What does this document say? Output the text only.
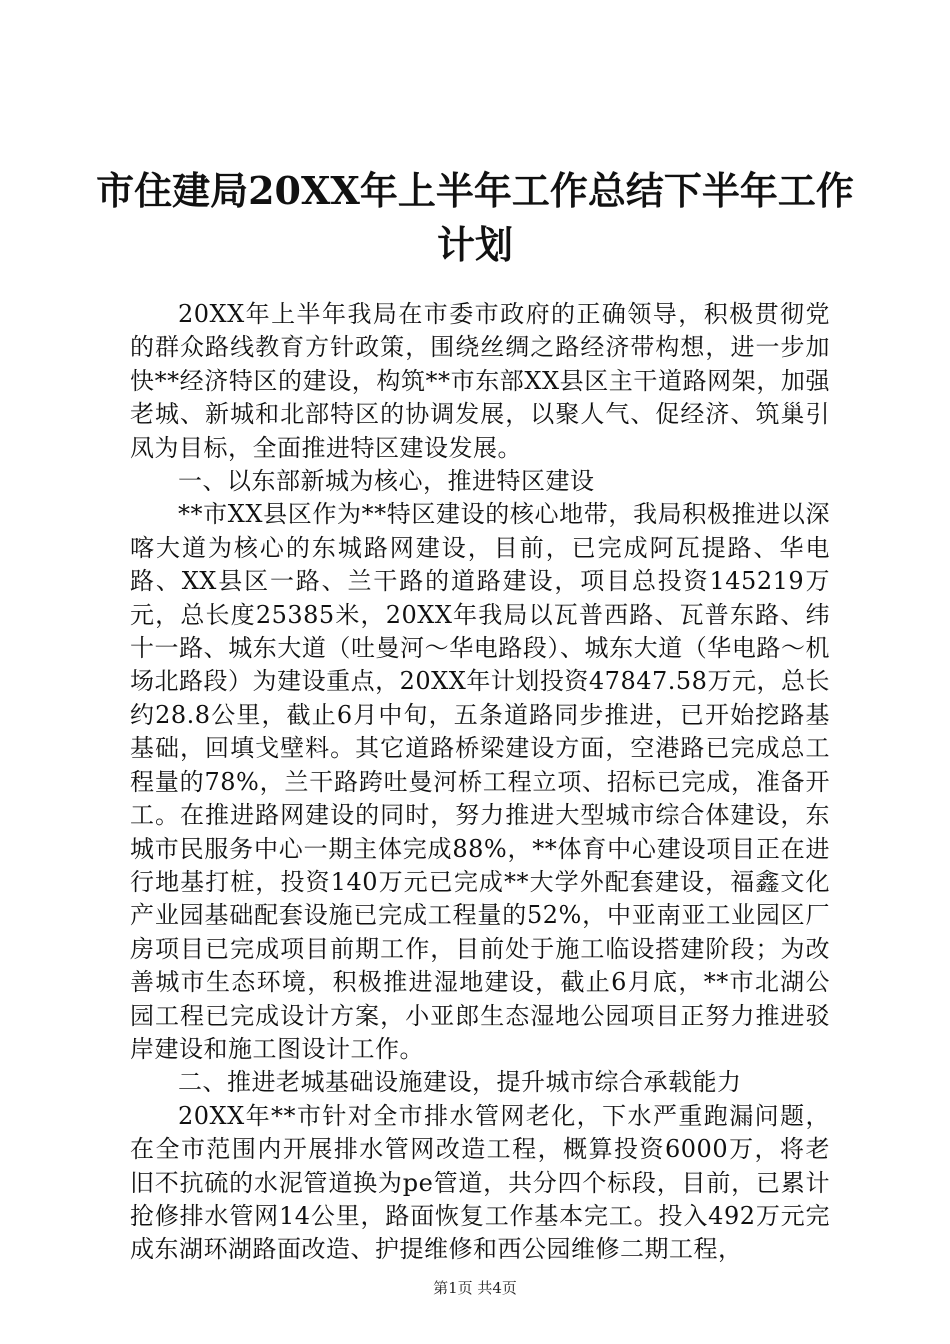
市住建局20XX年上半年工作总结下半年工作
计划

20XX年上半年我局在市委市政府的正确领导，积极贯彻党的群众路线教育方针政策，围绕丝绸之路经济带构想，进一步加快**经济特区的建设，构筑**市东部XX县区主干道路网架，加强老城、新城和北部特区的协调发展，以聚人气、促经济、筑巢引凤为目标，全面推进特区建设发展。

一、以东部新城为核心，推进特区建设

**市XX县区作为**特区建设的核心地带，我局积极推进以深喀大道为核心的东城路网建设，目前，已完成阿瓦提路、华电路、XX县区一路、兰干路的道路建设，项目总投资145219万元，总长度25385米，20XX年我局以瓦普西路、瓦普东路、纬十一路、城东大道（吐曼河～华电路段）、城东大道（华电路～机场北路段）为建设重点，20XX年计划投资47847.58万元，总长约28.8公里，截止6月中旬，五条道路同步推进，已开始挖路基基础，回填戈壁料。其它道路桥梁建设方面，空港路已完成总工程量的78%，兰干路跨吐曼河桥工程立项、招标已完成，准备开工。在推进路网建设的同时，努力推进大型城市综合体建设，东城市民服务中心一期主体完成88%，**体育中心建设项目正在进行地基打桩，投资140万元已完成**大学外配套建设，福鑫文化产业园基础配套设施已完成工程量的52%，中亚南亚工业园区厂房项目已完成项目前期工作，目前处于施工临设搭建阶段；为改善城市生态环境，积极推进湿地建设，截止6月底，**市北湖公园工程已完成设计方案，小亚郎生态湿地公园项目正努力推进驳岸建设和施工图设计工作。

二、推进老城基础设施建设，提升城市综合承载能力

20XX年**市针对全市排水管网老化，下水严重跑漏问题，在全市范围内开展排水管网改造工程，概算投资6000万，将老旧不抗硫的水泥管道换为pe管道，共分四个标段，目前，已累计抢修排水管网14公里，路面恢复工作基本完工。投入492万元完成东湖环湖路面改造、护提维修和西公园维修二期工程，

第1页 共4页
